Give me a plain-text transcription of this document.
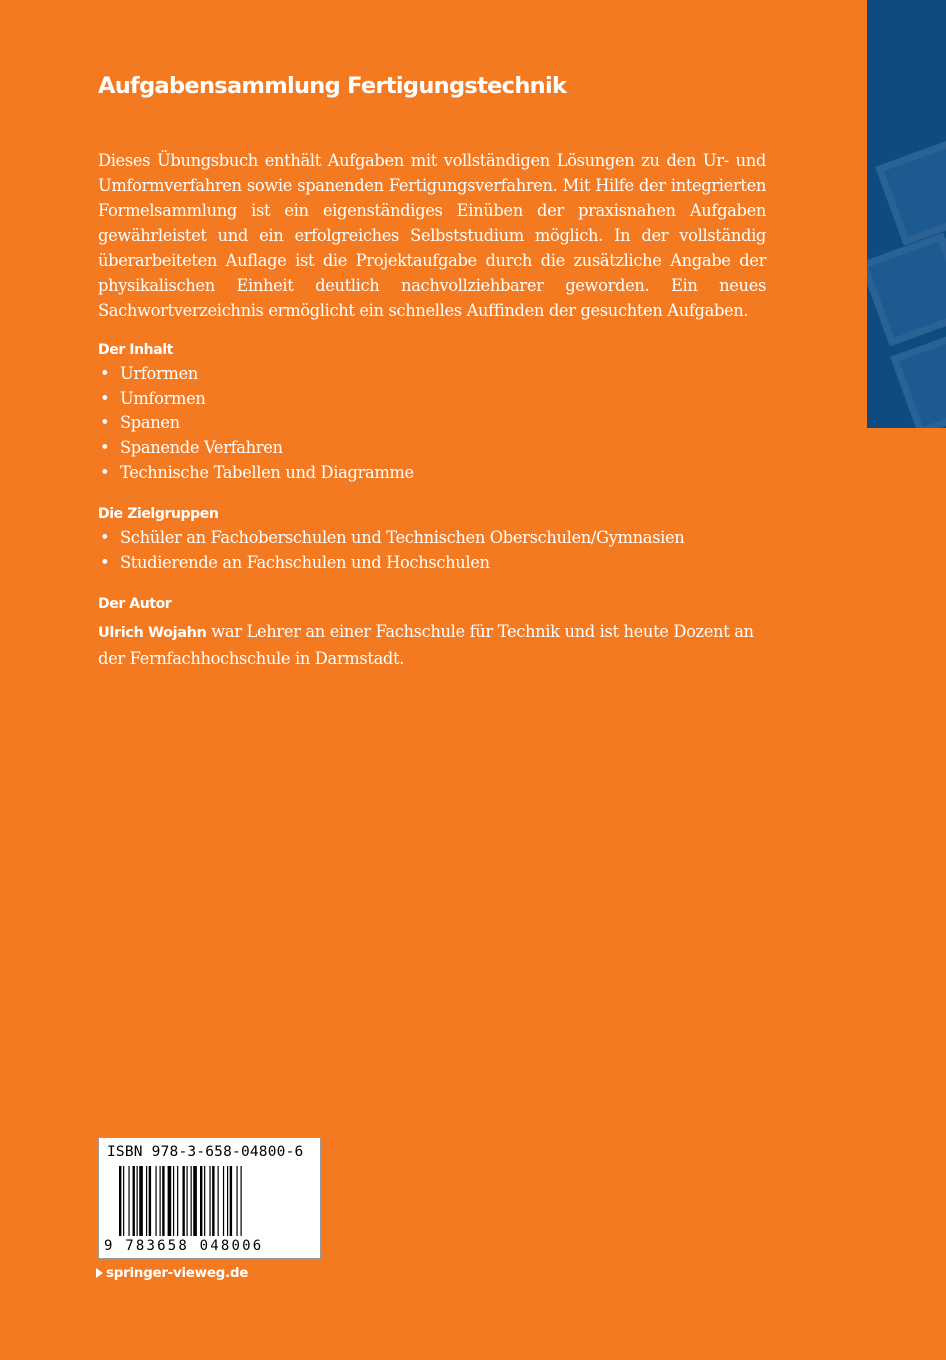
Aufgabensammlung Fertigungstechnik

Dieses Übungsbuch enthält Aufgaben mit vollständigen Lösungen zu den Ur- und Umformverfahren sowie spanenden Fertigungsverfahren. Mit Hilfe der integrierten Formelsammlung ist ein eigenständiges Einüben der praxisnahen Aufgaben gewährleistet und ein erfolgreiches Selbststudium möglich. In der vollständig überarbeiteten Auflage ist die Projektaufgabe durch die zusätzliche Angabe der physikalischen Einheit deutlich nachvollziehbarer geworden. Ein neues Sachwortverzeichnis ermöglicht ein schnelles Auffinden der gesuchten Aufgaben.

Der Inhalt
• Urformen
• Umformen
• Spanen
• Spanende Verfahren
• Technische Tabellen und Diagramme
Die Zielgruppen
• Schüler an Fachoberschulen und Technischen Oberschulen/Gymnasien
• Studierende an Fachschulen und Hochschulen
Der Autor

Ulrich Wojahn war Lehrer an einer Fachschule für Technik und ist heute Dozent an der Fernfachhochschule in Darmstadt.

ISBN 978-3-658-04800-6
9 783658 048006
springer-vieweg.de
